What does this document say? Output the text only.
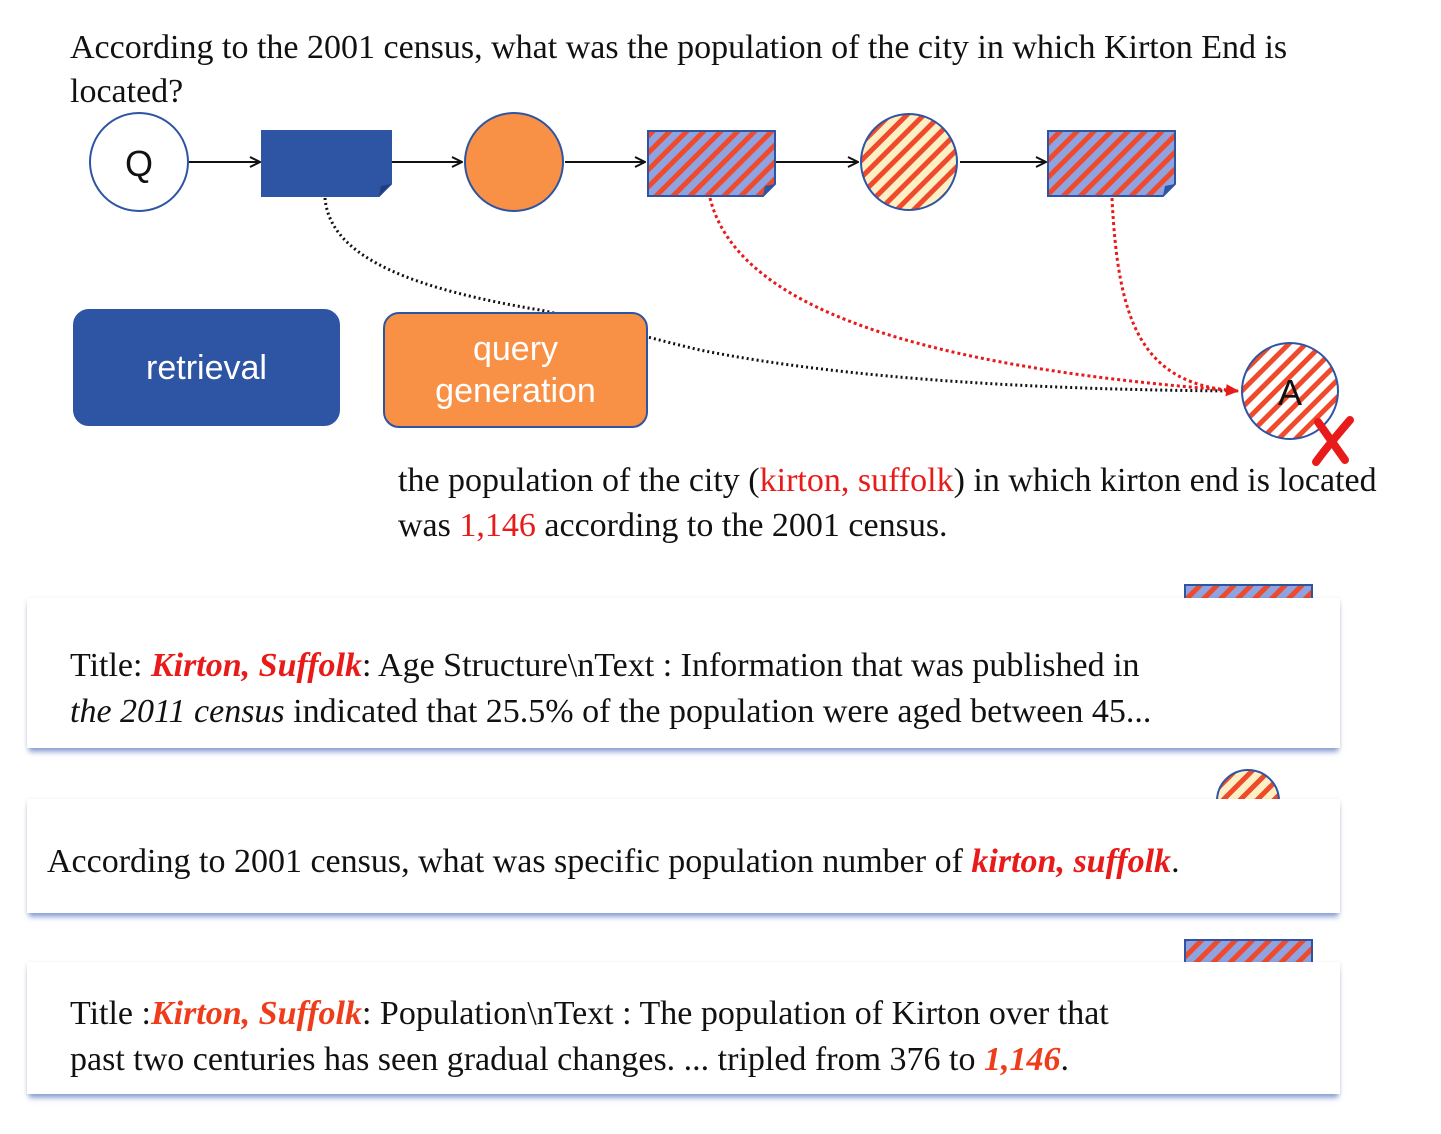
Q
A
According to the 2001 census, what was the population of the city in which Kirton End is located?
retrieval	query
generation
the population of the city (kirton, suffolk) in which kirton end is located was 1,146 according to the 2001 census.
Title: Kirton, Suffolk: Age Structure\nText : Information that was published in
the 2011 census indicated that 25.5% of the population were aged between 45...
According to 2001 census, what was specific population number of kirton, suffolk.
Title :Kirton, Suffolk: Population\nText : The population of Kirton over that
past two centuries has seen gradual changes. ... tripled from 376 to 1,146.
